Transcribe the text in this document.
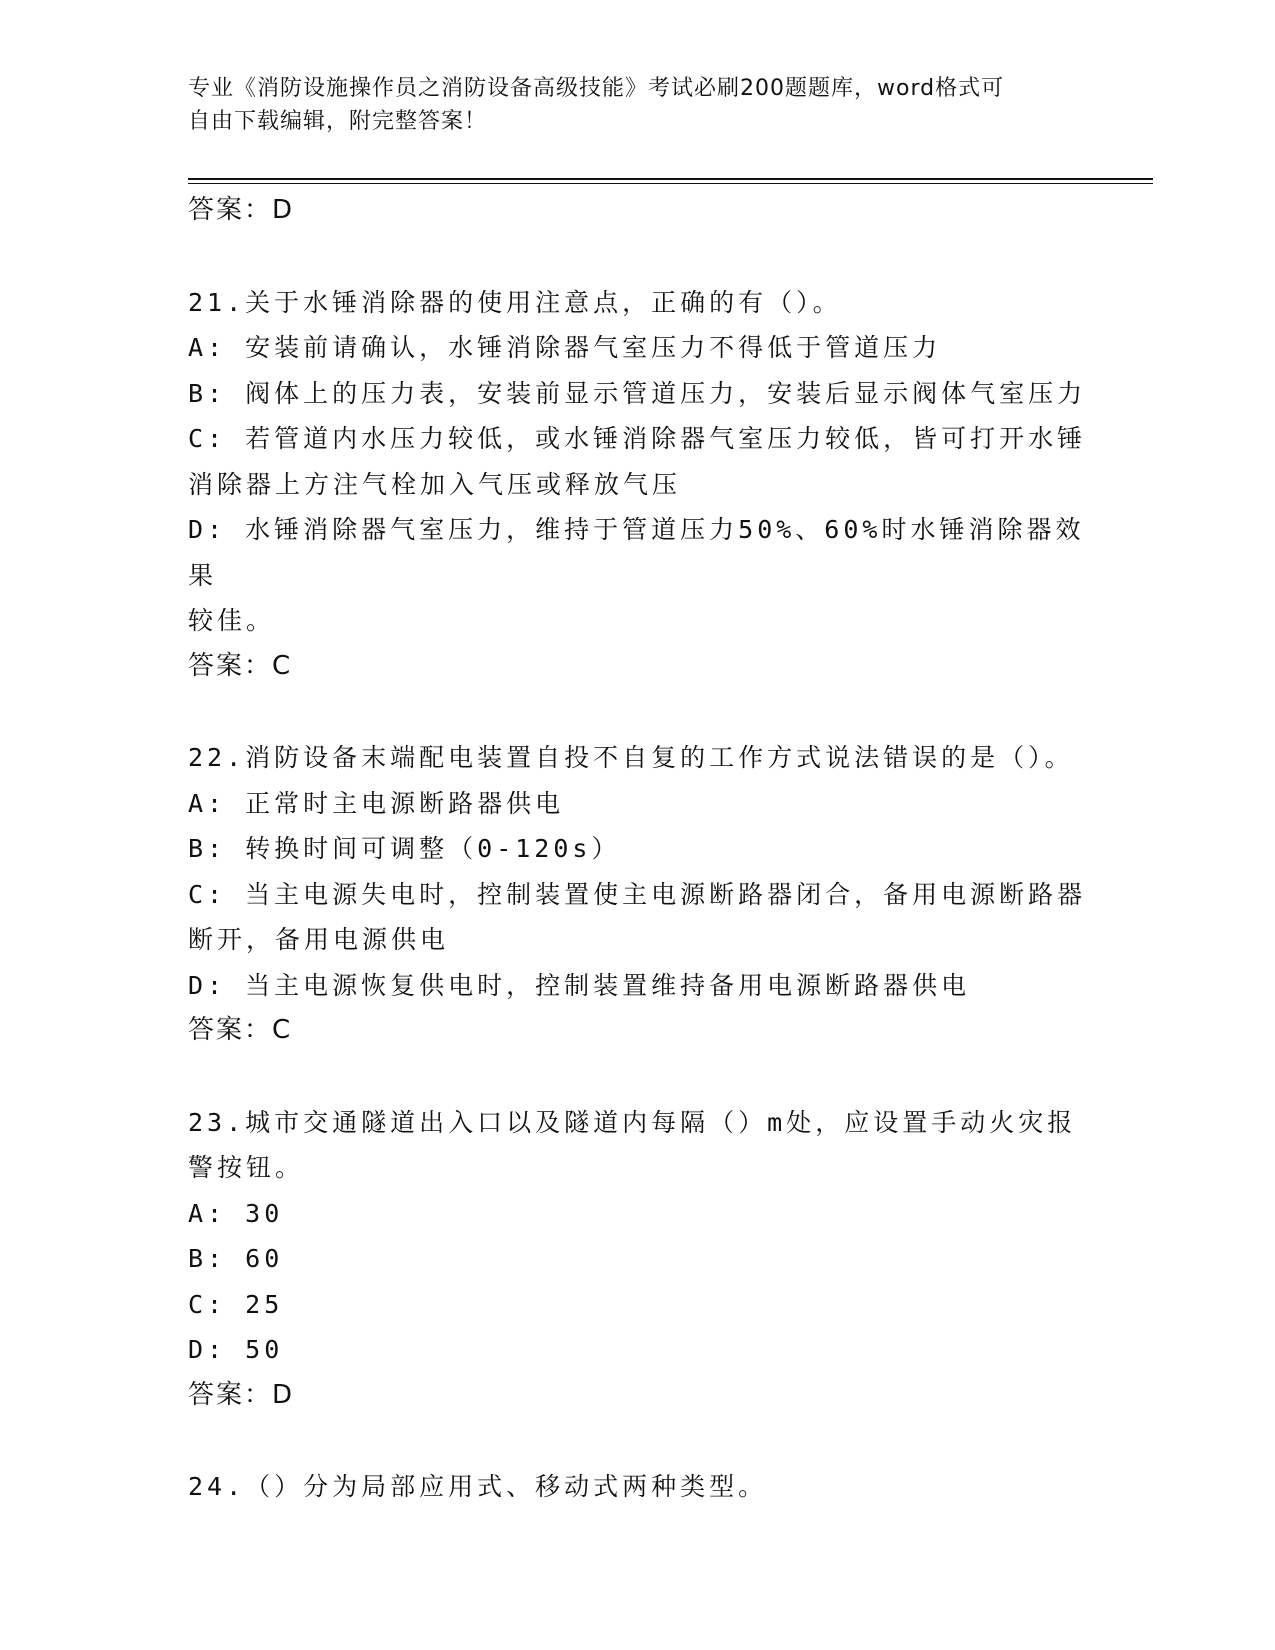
专业《消防设施操作员之消防设备高级技能》考试必刷200题题库，word格式可
自由下载编辑，附完整答案！

答案：D

21.关于水锤消除器的使用注意点，正确的有（）。

A: 安装前请确认，水锤消除器气室压力不得低于管道压力

B: 阀体上的压力表，安装前显示管道压力，安装后显示阀体气室压力

C: 若管道内水压力较低，或水锤消除器气室压力较低，皆可打开水锤

消除器上方注气栓加入气压或释放气压

D: 水锤消除器气室压力，维持于管道压力50%、60%时水锤消除器效果

较佳。

答案：C

22.消防设备末端配电装置自投不自复的工作方式说法错误的是（）。

A: 正常时主电源断路器供电

B: 转换时间可调整（0-120s）

C: 当主电源失电时，控制装置使主电源断路器闭合，备用电源断路器

断开，备用电源供电

D: 当主电源恢复供电时，控制装置维持备用电源断路器供电

答案：C

23.城市交通隧道出入口以及隧道内每隔（）m处，应设置手动火灾报

警按钮。

A: 30

B: 60

C: 25

D: 50

答案：D

24.（）分为局部应用式、移动式两种类型。
